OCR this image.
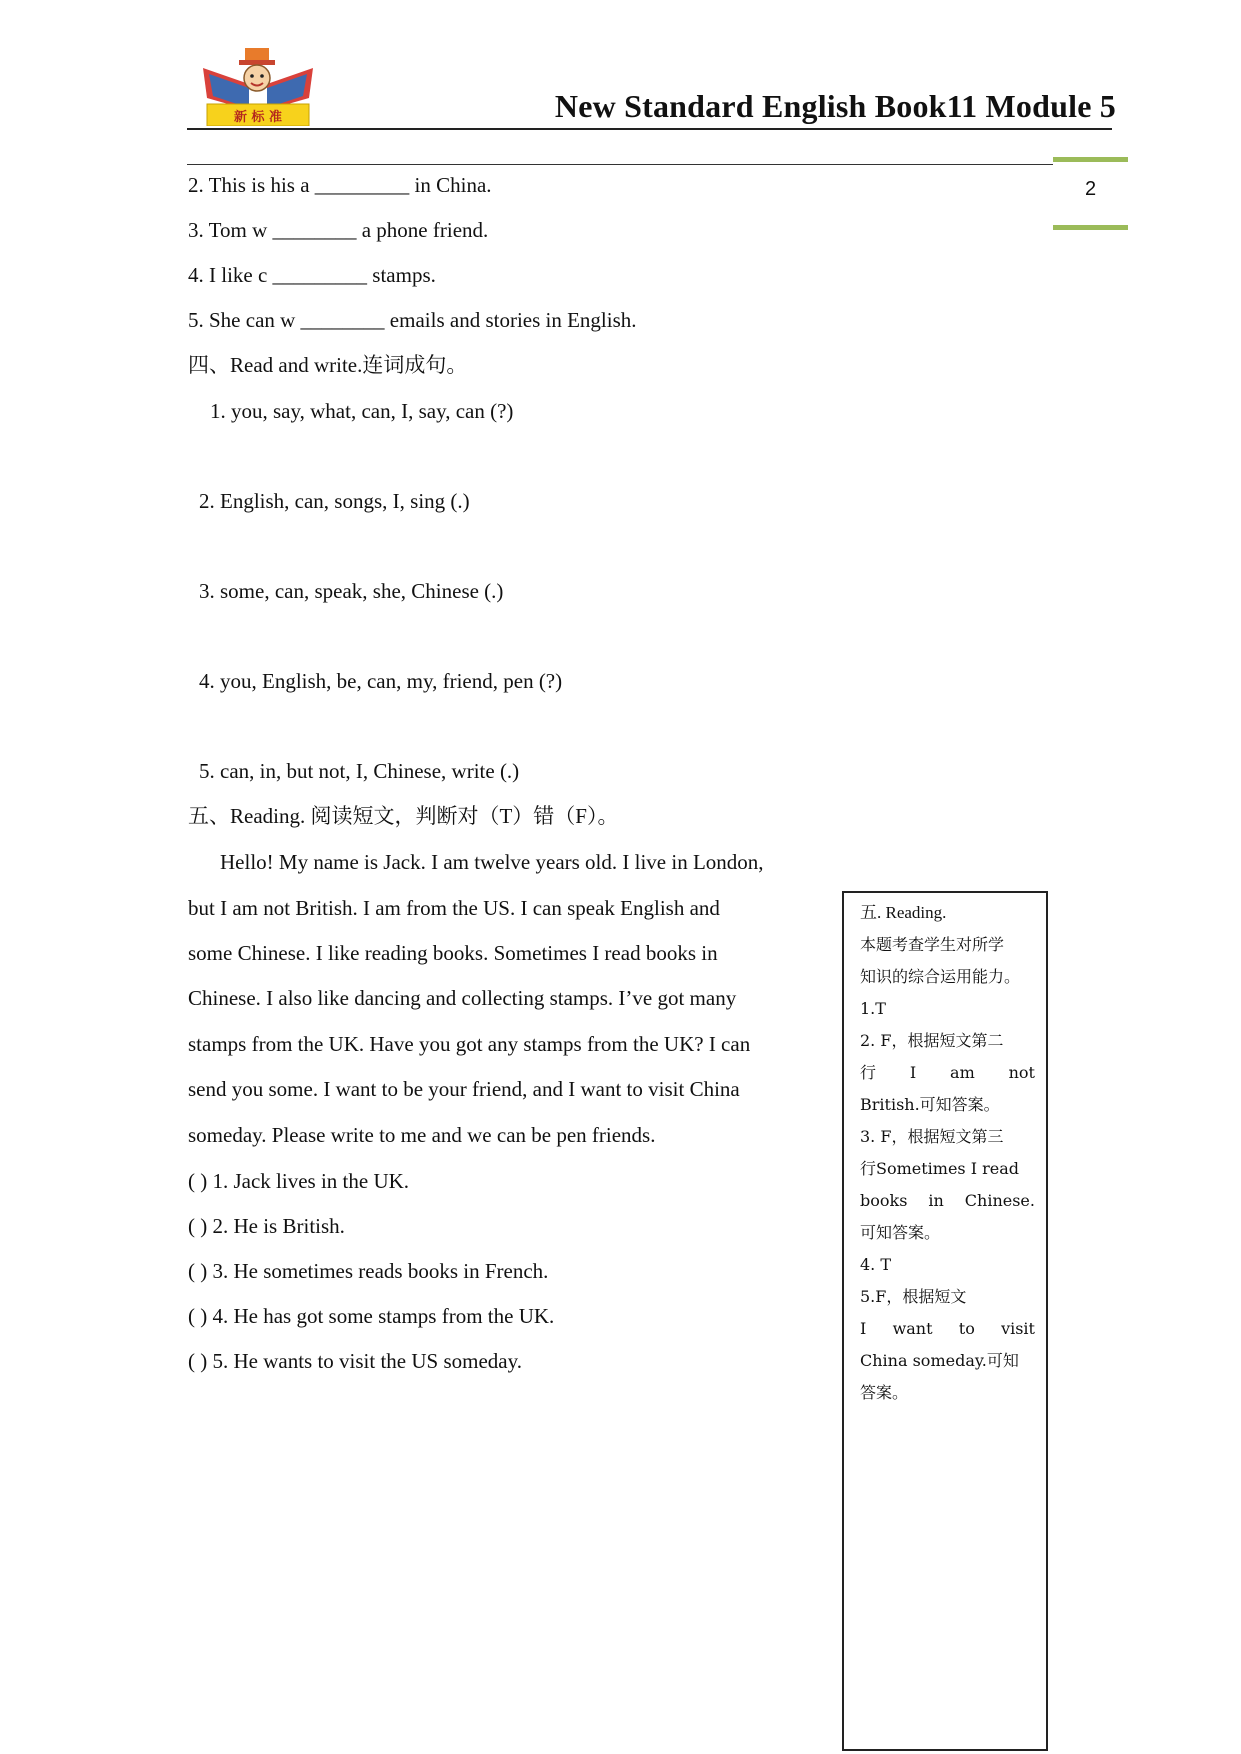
新 标 准	New Standard English Book11 Module 5
2
2. This is his a _________ in China.
3. Tom w ________ a phone friend.
4. I like c _________ stamps.
5. She can w ________ emails and stories in English.
四、Read and write.连词成句。
1. you, say, what, can, I, say, can (?)
2. English, can, songs, I, sing (.)
3. some, can, speak, she, Chinese (.)
4. you, English, be, can, my, friend, pen (?)
5. can, in, but not, I, Chinese, write (.)
五、Reading. 阅读短文，判断对（T）错（F）。
Hello! My name is Jack. I am twelve years old. I live in London,
but I am not British. I am from the US. I can speak English and
some Chinese. I like reading books. Sometimes I read books in
Chinese. I also like dancing and collecting stamps. I’ve got many
stamps from the UK. Have you got any stamps from the UK? I can
send you some. I want to be your friend, and I want to visit China
someday. Please write to me and we can be pen friends.
( ) 1. Jack lives in the UK.
( ) 2. He is British.
( ) 3. He sometimes reads books in French.
( ) 4. He has got some stamps from the UK.
( ) 5. He wants to visit the US someday.
五. Reading.
本题考查学生对所学
知识的综合运用能力。
1.T
2. F，根据短文第二
行 I am not
British.可知答案。
3. F，根据短文第三
行Sometimes I read
books in Chinese.
可知答案。
4. T
5.F，根据短文
I want to visit
China someday.可知
答案。
